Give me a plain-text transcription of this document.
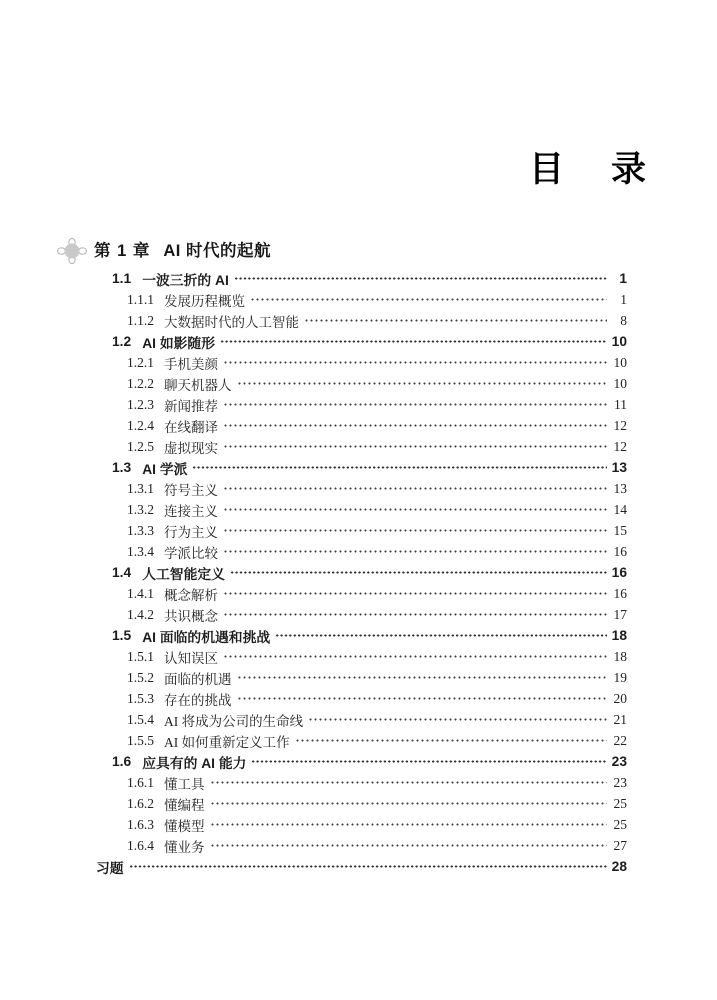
目　录
第 1 章 AI 时代的起航
1.1 一波三折的 AI	1
1.1.1 发展历程概览	1
1.1.2 大数据时代的人工智能	8
1.2 AI 如影随形	10
1.2.1 手机美颜	10
1.2.2 聊天机器人	10
1.2.3 新闻推荐	11
1.2.4 在线翻译	12
1.2.5 虚拟现实	12
1.3 AI 学派	13
1.3.1 符号主义	13
1.3.2 连接主义	14
1.3.3 行为主义	15
1.3.4 学派比较	16
1.4 人工智能定义	16
1.4.1 概念解析	16
1.4.2 共识概念	17
1.5 AI 面临的机遇和挑战	18
1.5.1 认知误区	18
1.5.2 面临的机遇	19
1.5.3 存在的挑战	20
1.5.4 AI 将成为公司的生命线	21
1.5.5 AI 如何重新定义工作	22
1.6 应具有的 AI 能力	23
1.6.1 懂工具	23
1.6.2 懂编程	25
1.6.3 懂模型	25
1.6.4 懂业务	27
习题	28
